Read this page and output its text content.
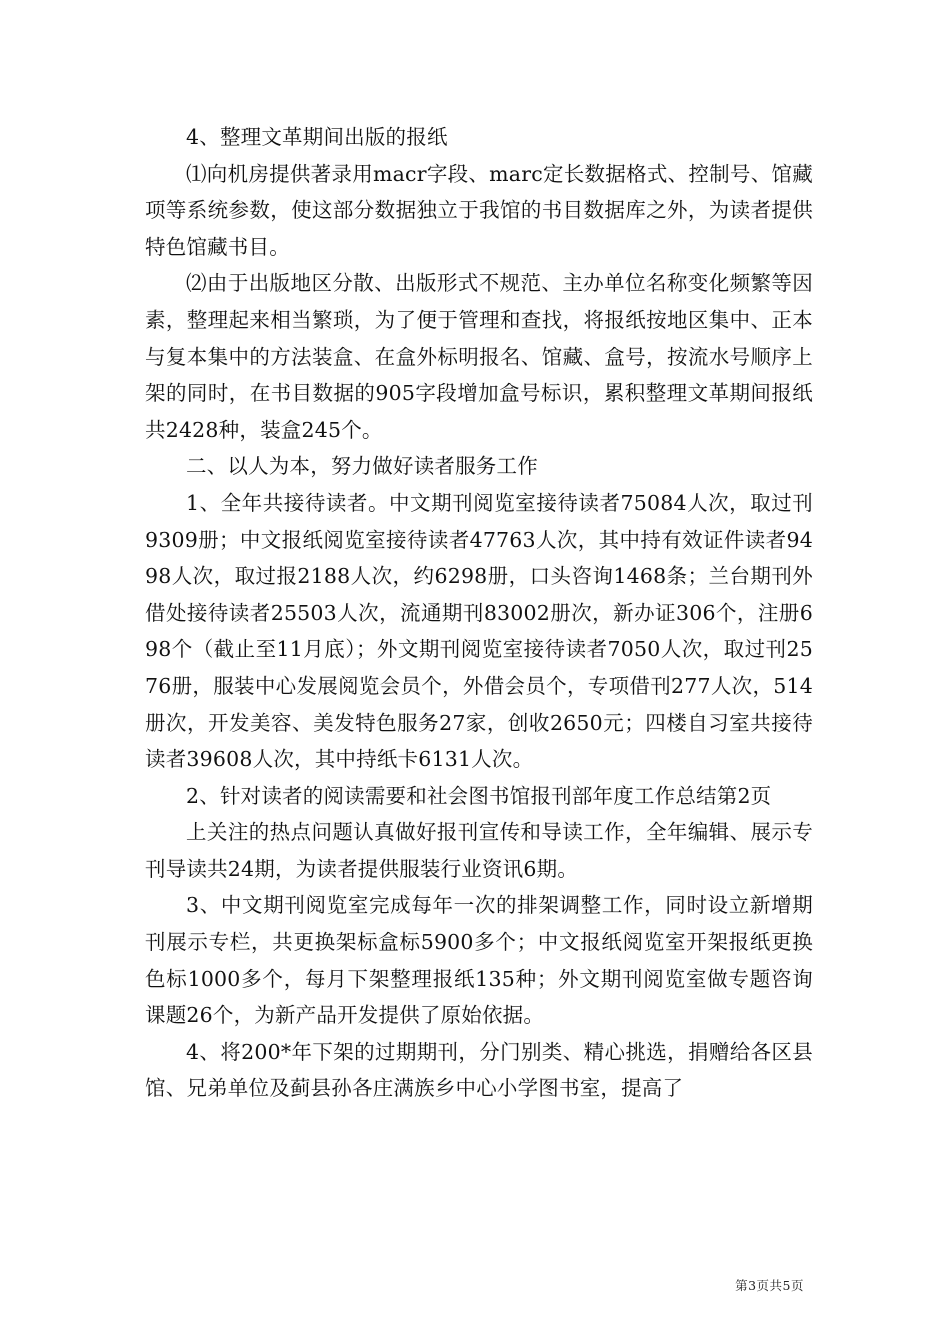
4、整理文革期间出版的报纸

⑴向机房提供著录用macr字段、marc定长数据格式、控制号、馆藏项等系统参数，使这部分数据独立于我馆的书目数据库之外，为读者提供特色馆藏书目。

⑵由于出版地区分散、出版形式不规范、主办单位名称变化频繁等因素，整理起来相当繁琐，为了便于管理和查找，将报纸按地区集中、正本与复本集中的方法装盒、在盒外标明报名、馆藏、盒号，按流水号顺序上架的同时，在书目数据的905字段增加盒号标识，累积整理文革期间报纸共2428种，装盒245个。

二、以人为本，努力做好读者服务工作

1、全年共接待读者。中文期刊阅览室接待读者75084人次，取过刊9309册；中文报纸阅览室接待读者47763人次，其中持有效证件读者9498人次，取过报2188人次，约6298册，口头咨询1468条；兰台期刊外借处接待读者25503人次，流通期刊83002册次，新办证306个，注册698个（截止至11月底）；外文期刊阅览室接待读者7050人次，取过刊2576册，服装中心发展阅览会员个，外借会员个，专项借刊277人次，514册次，开发美容、美发特色服务27家，创收2650元；四楼自习室共接待读者39608人次，其中持纸卡6131人次。

2、针对读者的阅读需要和社会图书馆报刊部年度工作总结第2页

上关注的热点问题认真做好报刊宣传和导读工作，全年编辑、展示专刊导读共24期，为读者提供服装行业资讯6期。

3、中文期刊阅览室完成每年一次的排架调整工作，同时设立新增期刊展示专栏，共更换架标盒标5900多个；中文报纸阅览室开架报纸更换色标1000多个，每月下架整理报纸135种；外文期刊阅览室做专题咨询课题26个，为新产品开发提供了原始依据。

4、将200*年下架的过期期刊，分门别类、精心挑选，捐赠给各区县馆、兄弟单位及蓟县孙各庄满族乡中心小学图书室，提高了

第3页共5页
